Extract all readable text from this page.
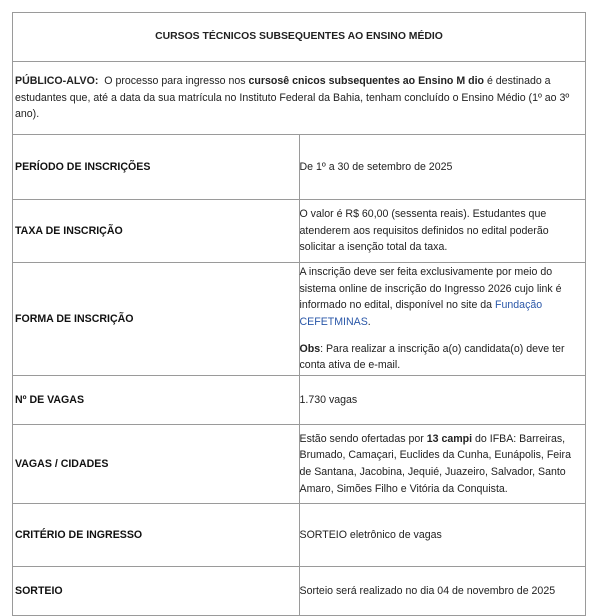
CURSOS TÉCNICOS SUBSEQUENTES AO ENSINO MÉDIO	
PÚBLICO-ALVO:  O processo para ingresso nos cursosê cnicos subsequentes ao Ensino M dio é destinado a estudantes que, até a data da sua matrícula no Instituto Federal da Bahia, tenham concluído o Ensino Médio (1º ao 3º ano).	
PERÍODO DE INSCRIÇÕES	De 1º a 30 de setembro de 2025
TAXA DE INSCRIÇÃO	O valor é R$ 60,00 (sessenta reais). Estudantes que atenderem aos requisitos definidos no edital poderão solicitar a isenção total da taxa.
FORMA DE INSCRIÇÃO	A inscrição deve ser feita exclusivamente por meio do sistema online de inscrição do Ingresso 2026 cujo link é informado no edital, disponível no site da Fundação CEFETMINAS.
Obs: Para realizar a inscrição a(o) candidata(o) deve ter conta ativa de e-mail.
Nº DE VAGAS	1.730 vagas
VAGAS / CIDADES	Estão sendo ofertadas por 13 campi do IFBA: Barreiras, Brumado, Camaçari, Euclides da Cunha, Eunápolis, Feira de Santana, Jacobina, Jequié, Juazeiro, Salvador, Santo Amaro, Simões Filho e Vitória da Conquista.
CRITÉRIO DE INGRESSO	SORTEIO eletrônico de vagas
SORTEIO	Sorteio será realizado no dia 04 de novembro de 2025
